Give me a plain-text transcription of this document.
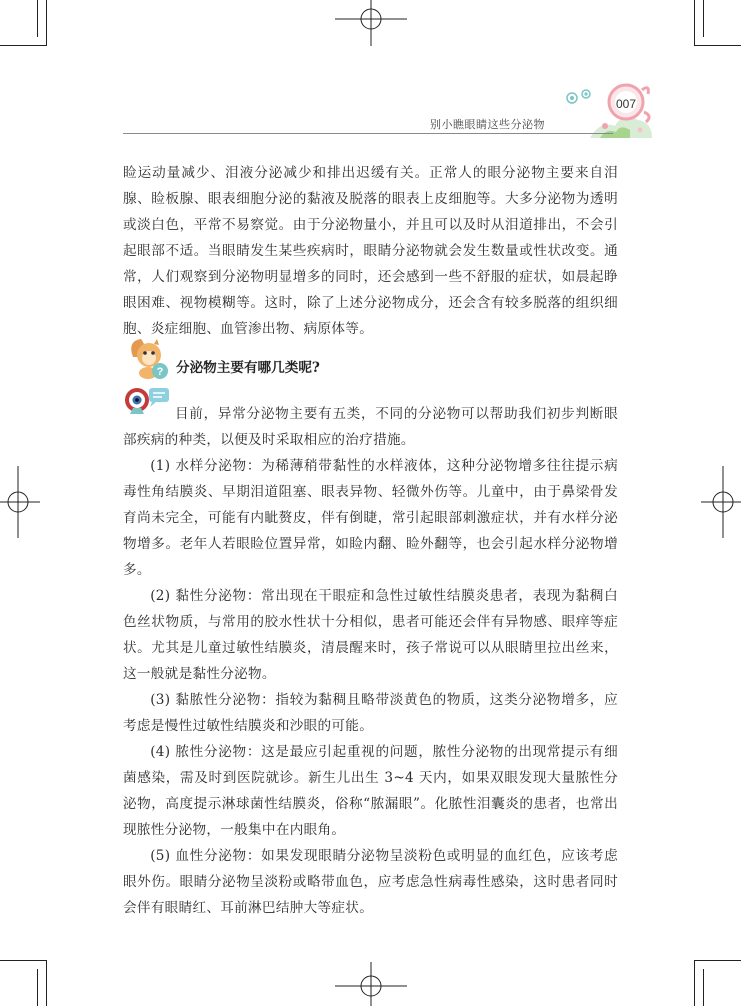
007
别小瞧眼睛这些分泌物

睑运动量减少、泪液分泌减少和排出迟缓有关。正常人的眼分泌物主要来自泪腺、睑板腺、眼表细胞分泌的黏液及脱落的眼表上皮细胞等。大多分泌物为透明或淡白色，平常不易察觉。由于分泌物量小，并且可以及时从泪道排出，不会引起眼部不适。当眼睛发生某些疾病时，眼睛分泌物就会发生数量或性状改变。通常，人们观察到分泌物明显增多的同时，还会感到一些不舒服的症状，如晨起睁眼困难、视物模糊等。这时，除了上述分泌物成分，还会含有较多脱落的组织细胞、炎症细胞、血管渗出物、病原体等。

? 分泌物主要有哪几类呢?

目前，异常分泌物主要有五类，不同的分泌物可以帮助我们初步判断眼部疾病的种类，以便及时采取相应的治疗措施。

(1) 水样分泌物：为稀薄稍带黏性的水样液体，这种分泌物增多往往提示病毒性角结膜炎、早期泪道阻塞、眼表异物、轻微外伤等。儿童中，由于鼻梁骨发育尚未完全，可能有内眦赘皮，伴有倒睫，常引起眼部刺激症状，并有水样分泌物增多。老年人若眼睑位置异常，如睑内翻、睑外翻等，也会引起水样分泌物增多。

(2) 黏性分泌物：常出现在干眼症和急性过敏性结膜炎患者，表现为黏稠白色丝状物质，与常用的胶水性状十分相似，患者可能还会伴有异物感、眼痒等症状。尤其是儿童过敏性结膜炎，清晨醒来时，孩子常说可以从眼睛里拉出丝来，这一般就是黏性分泌物。

(3) 黏脓性分泌物：指较为黏稠且略带淡黄色的物质，这类分泌物增多，应考虑是慢性过敏性结膜炎和沙眼的可能。

(4) 脓性分泌物：这是最应引起重视的问题，脓性分泌物的出现常提示有细菌感染，需及时到医院就诊。新生儿出生 3~4 天内，如果双眼发现大量脓性分泌物，高度提示淋球菌性结膜炎，俗称“脓漏眼”。化脓性泪囊炎的患者，也常出现脓性分泌物，一般集中在内眼角。

(5) 血性分泌物：如果发现眼睛分泌物呈淡粉色或明显的血红色，应该考虑眼外伤。眼睛分泌物呈淡粉或略带血色，应考虑急性病毒性感染，这时患者同时会伴有眼睛红、耳前淋巴结肿大等症状。
